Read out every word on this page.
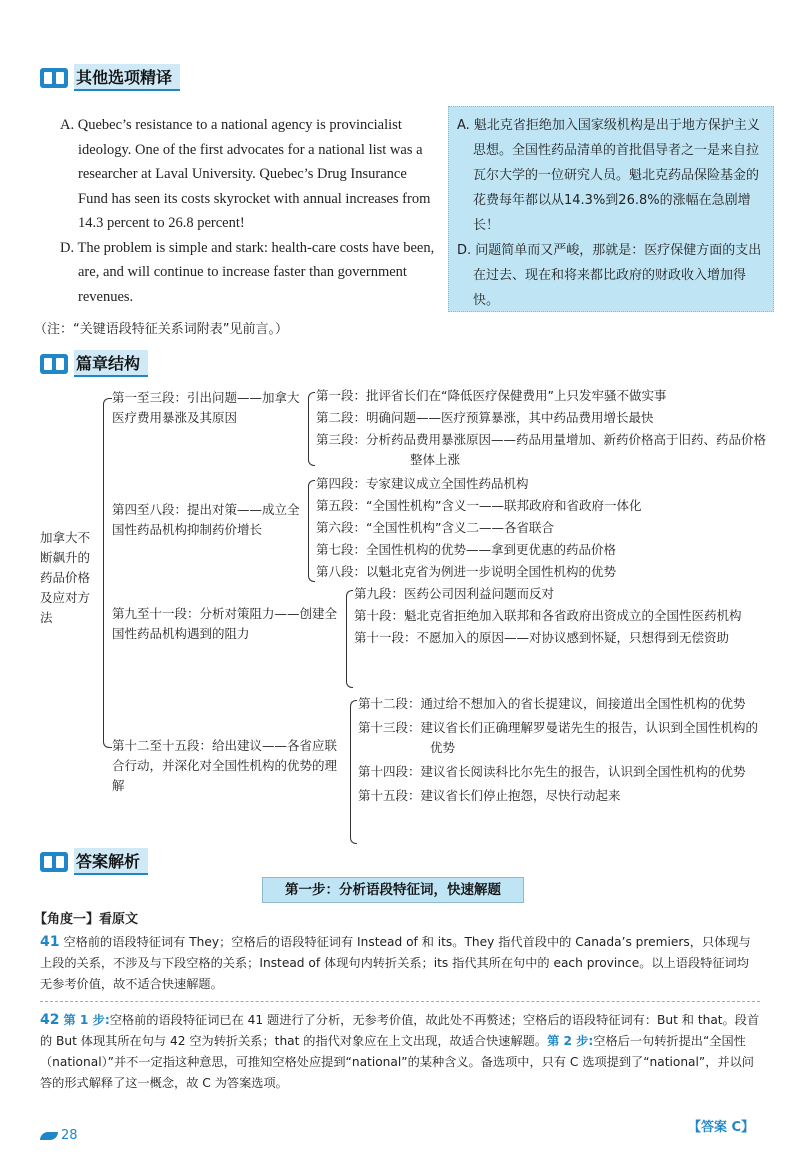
其他选项精译

A. Quebec’s resistance to a national agency is provincialist ideology. One of the first advocates for a national list was a researcher at Laval University. Quebec’s Drug Insurance Fund has seen its costs skyrocket with annual increases from 14.3 percent to 26.8 percent!

D. The problem is simple and stark: health-care costs have been, are, and will continue to increase faster than government revenues.

A. 魁北克省拒绝加入国家级机构是出于地方保护主义思想。全国性药品清单的首批倡导者之一是来自拉瓦尔大学的一位研究人员。魁北克药品保险基金的花费每年都以从14.3%到26.8%的涨幅在急剧增长！

D. 问题简单而又严峻，那就是：医疗保健方面的支出在过去、现在和将来都比政府的财政收入增加得快。

（注：“关键语段特征关系词附表”见前言。）
篇章结构
加拿大不断飙升的药品价格及应对方法
第一至三段：引出问题——加拿大医疗费用暴涨及其原因
第一段：批评省长们在“降低医疗保健费用”上只发牢骚不做实事
第二段：明确问题——医疗预算暴涨，其中药品费用增长最快
第三段：分析药品费用暴涨原因——药品用量增加、新药价格高于旧药、药品价格整体上涨
第四至八段：提出对策——成立全国性药品机构抑制药价增长
第四段：专家建议成立全国性药品机构
第五段：“全国性机构”含义一——联邦政府和省政府一体化
第六段：“全国性机构”含义二——各省联合
第七段：全国性机构的优势——拿到更优惠的药品价格
第八段：以魁北克省为例进一步说明全国性机构的优势
第九至十一段：分析对策阻力——创建全国性药品机构遇到的阻力
第九段：医药公司因利益问题而反对
第十段：魁北克省拒绝加入联邦和各省政府出资成立的全国性医药机构
第十一段：不愿加入的原因——对协议感到怀疑，只想得到无偿资助
第十二至十五段：给出建议——各省应联合行动，并深化对全国性机构的优势的理解
第十二段：通过给不想加入的省长提建议，间接道出全国性机构的优势
第十三段：建议省长们正确理解罗曼诺先生的报告，认识到全国性机构的优势
第十四段：建议省长阅读科比尔先生的报告，认识到全国性机构的优势
第十五段：建议省长们停止抱怨，尽快行动起来
答案解析
第一步：分析语段特征词，快速解题
【角度一】看原文
41 空格前的语段特征词有 They；空格后的语段特征词有 Instead of 和 its。They 指代首段中的 Canada’s premiers，只体现与上段的关系，不涉及与下段空格的关系；Instead of 体现句内转折关系；its 指代其所在句中的 each province。以上语段特征词均无参考价值，故不适合快速解题。
42 第 1 步:空格前的语段特征词已在 41 题进行了分析，无参考价值，故此处不再赘述；空格后的语段特征词有：But 和 that。段首的 But 体现其所在句与 42 空为转折关系；that 的指代对象应在上文出现，故适合快速解题。第 2 步:空格后一句转折提出“全国性（national）”并不一定指这种意思，可推知空格处应提到“national”的某种含义。备选项中，只有 C 选项提到了“national”，并以问答的形式解释了这一概念，故 C 为答案选项。
【答案 C】
28
